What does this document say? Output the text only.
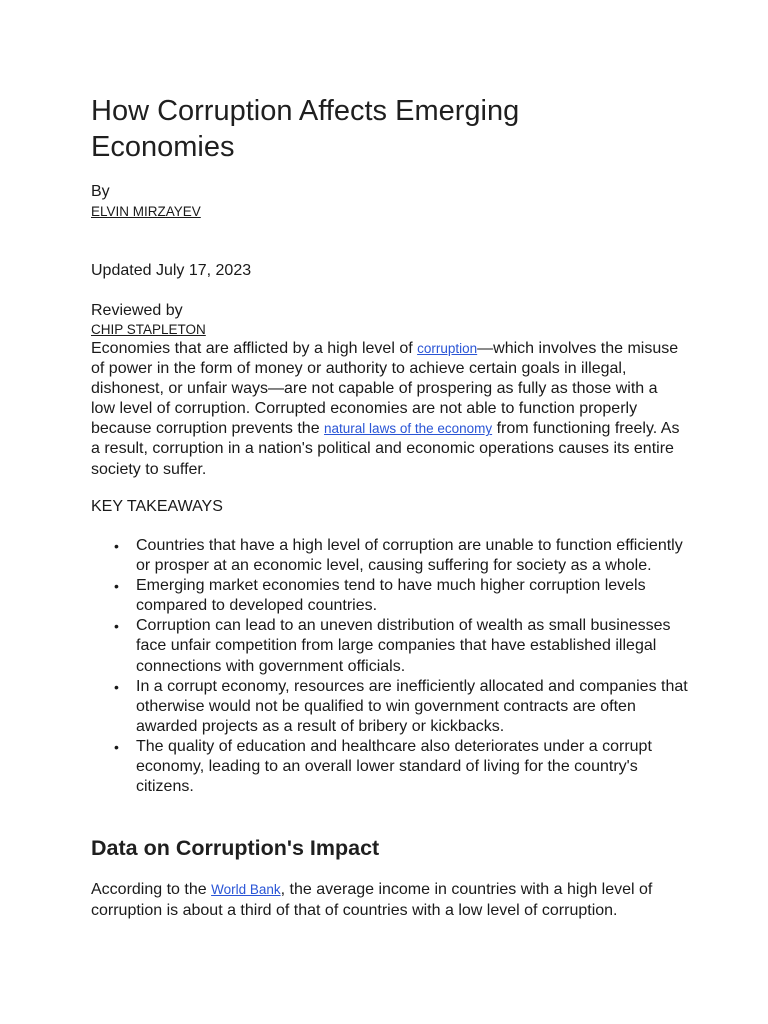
How Corruption Affects Emerging Economies
By
ELVIN MIRZAYEV
Updated July 17, 2023
Reviewed by
CHIP STAPLETON

Economies that are afflicted by a high level of corruption—which involves the misuse of power in the form of money or authority to achieve certain goals in illegal, dishonest, or unfair ways—are not capable of prospering as fully as those with a low level of corruption. Corrupted economies are not able to function properly because corruption prevents the natural laws of the economy from functioning freely. As a result, corruption in a nation's political and economic operations causes its entire society to suffer.

KEY TAKEAWAYS
• Countries that have a high level of corruption are unable to function efficiently or prosper at an economic level, causing suffering for society as a whole.
• Emerging market economies tend to have much higher corruption levels compared to developed countries.
• Corruption can lead to an uneven distribution of wealth as small businesses face unfair competition from large companies that have established illegal connections with government officials.
• In a corrupt economy, resources are inefficiently allocated and companies that otherwise would not be qualified to win government contracts are often awarded projects as a result of bribery or kickbacks.
• The quality of education and healthcare also deteriorates under a corrupt economy, leading to an overall lower standard of living for the country's citizens.
Data on Corruption's Impact

According to the World Bank, the average income in countries with a high level of corruption is about a third of that of countries with a low level of corruption.
